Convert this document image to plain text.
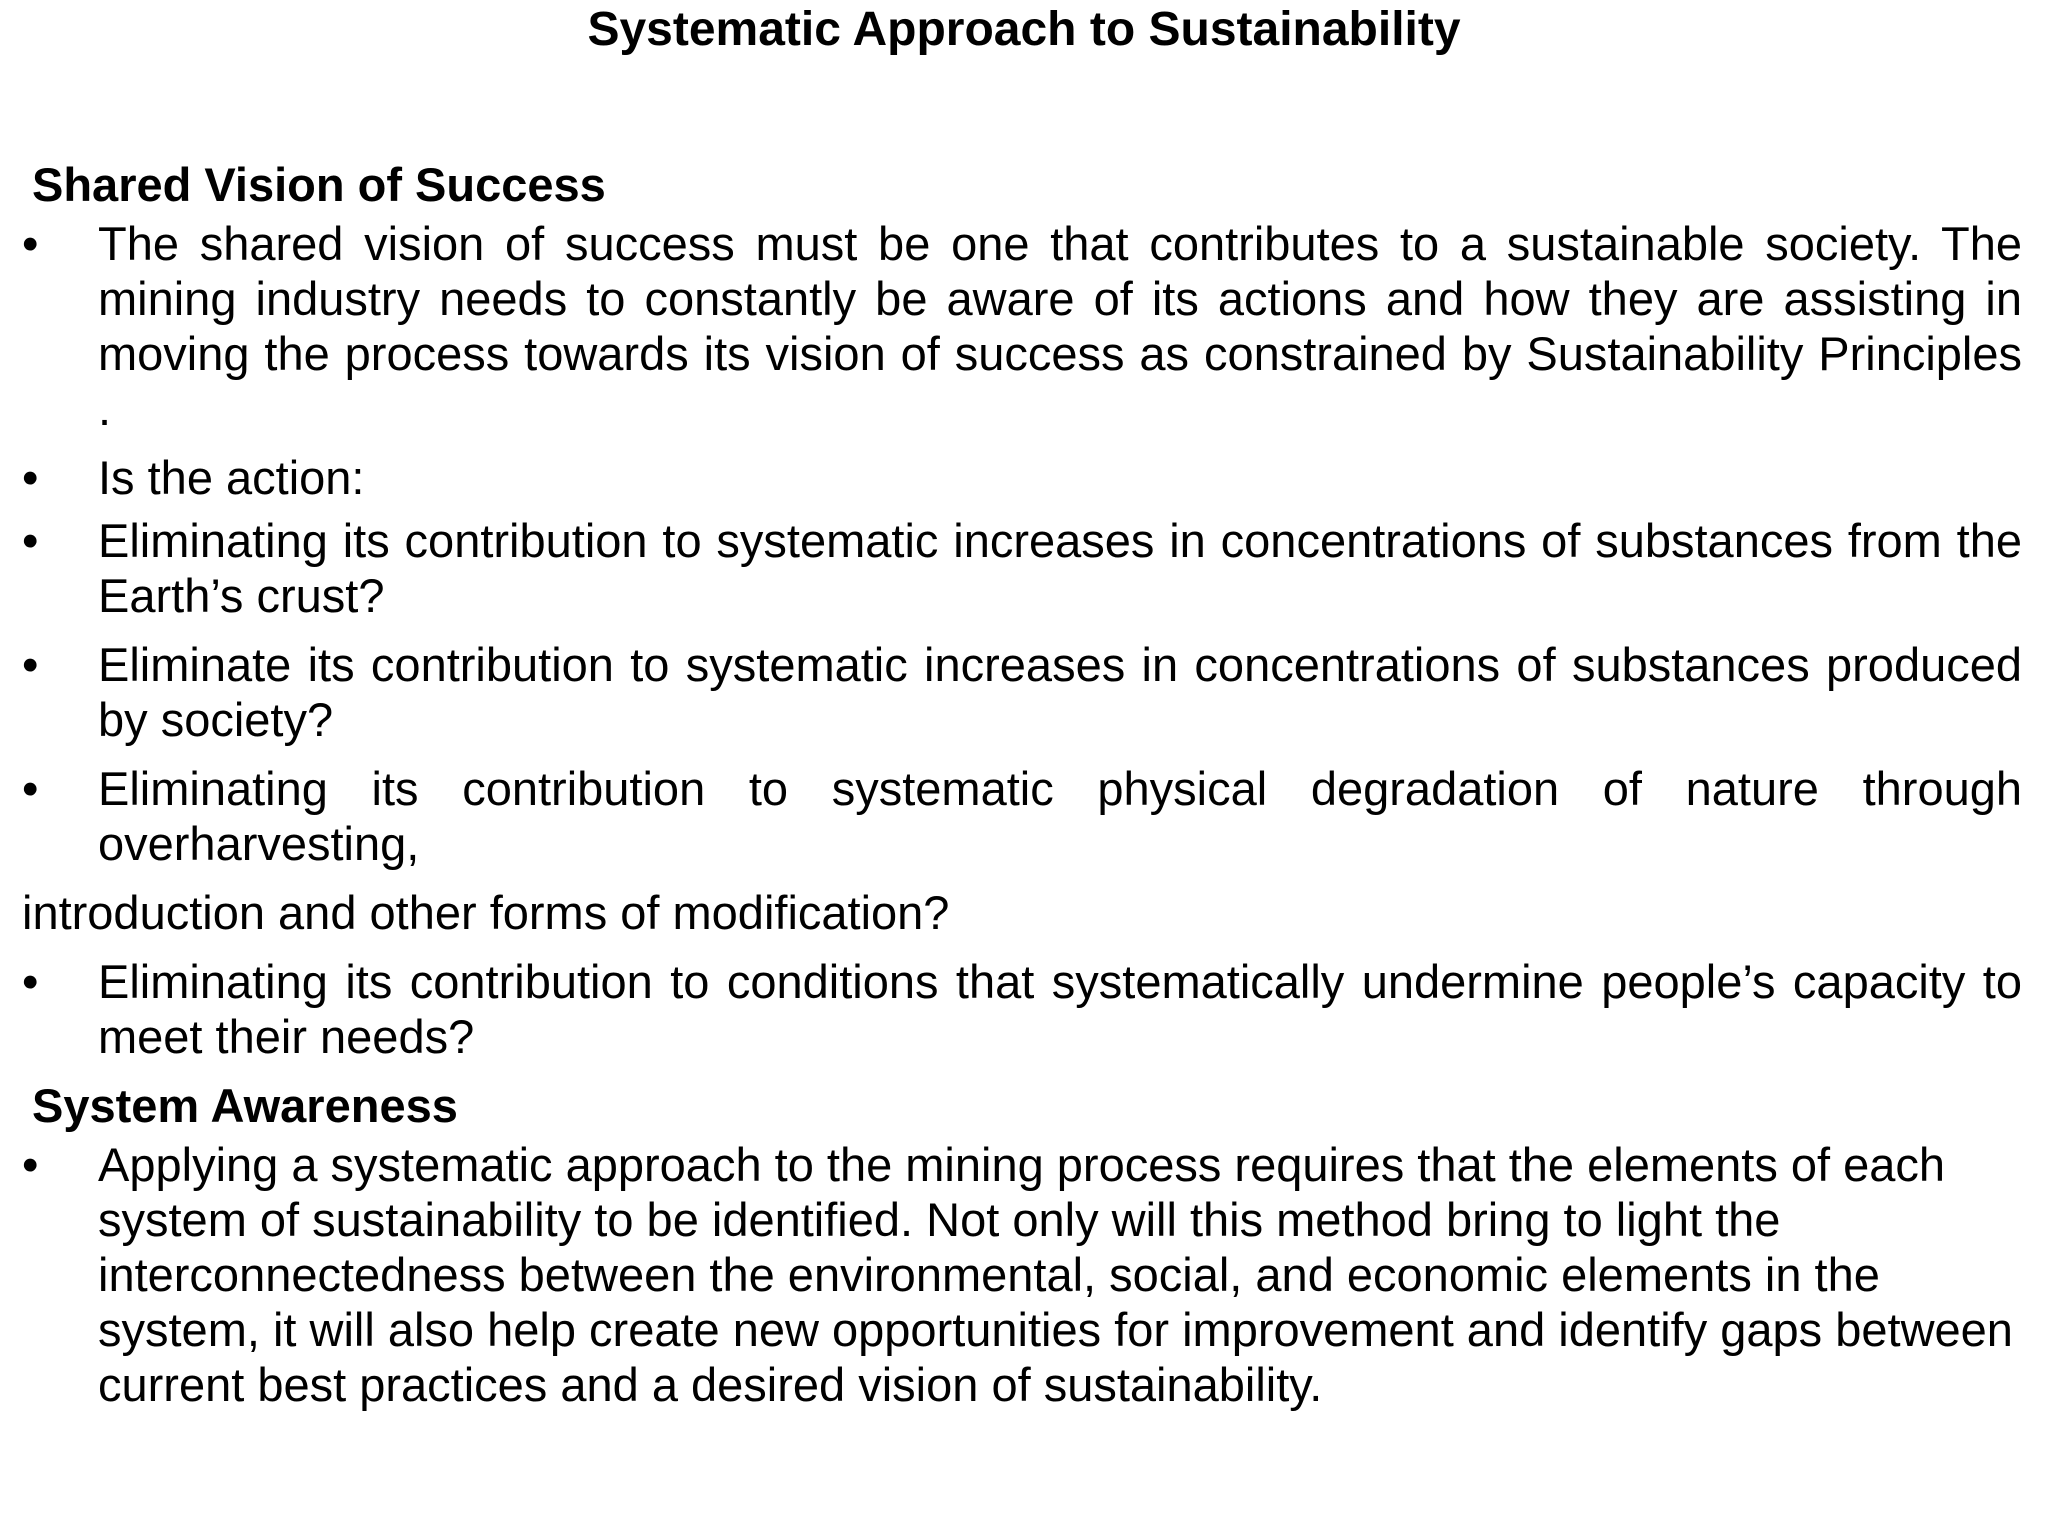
Systematic Approach to Sustainability
Shared Vision of Success
• The shared vision of success must be one that contributes to a sustainable society. The mining industry needs to constantly be aware of its actions and how they are assisting in moving the process towards its vision of success as constrained by Sustainability Principles .
• Is the action:
• Eliminating its contribution to systematic increases in concentrations of substances from the Earth’s crust?
• Eliminate its contribution to systematic increases in concentrations of substances produced by society?
• Eliminating its contribution to systematic physical degradation of nature through overharvesting,
introduction and other forms of modification?
• Eliminating its contribution to conditions that systematically undermine people’s capacity to meet their needs?
System Awareness
• Applying a systematic approach to the mining process requires that the elements of each system of sustainability to be identified. Not only will this method bring to light the interconnectedness between the environmental, social, and economic elements in the system, it will also help create new opportunities for improvement and identify gaps between current best practices and a desired vision of sustainability.
